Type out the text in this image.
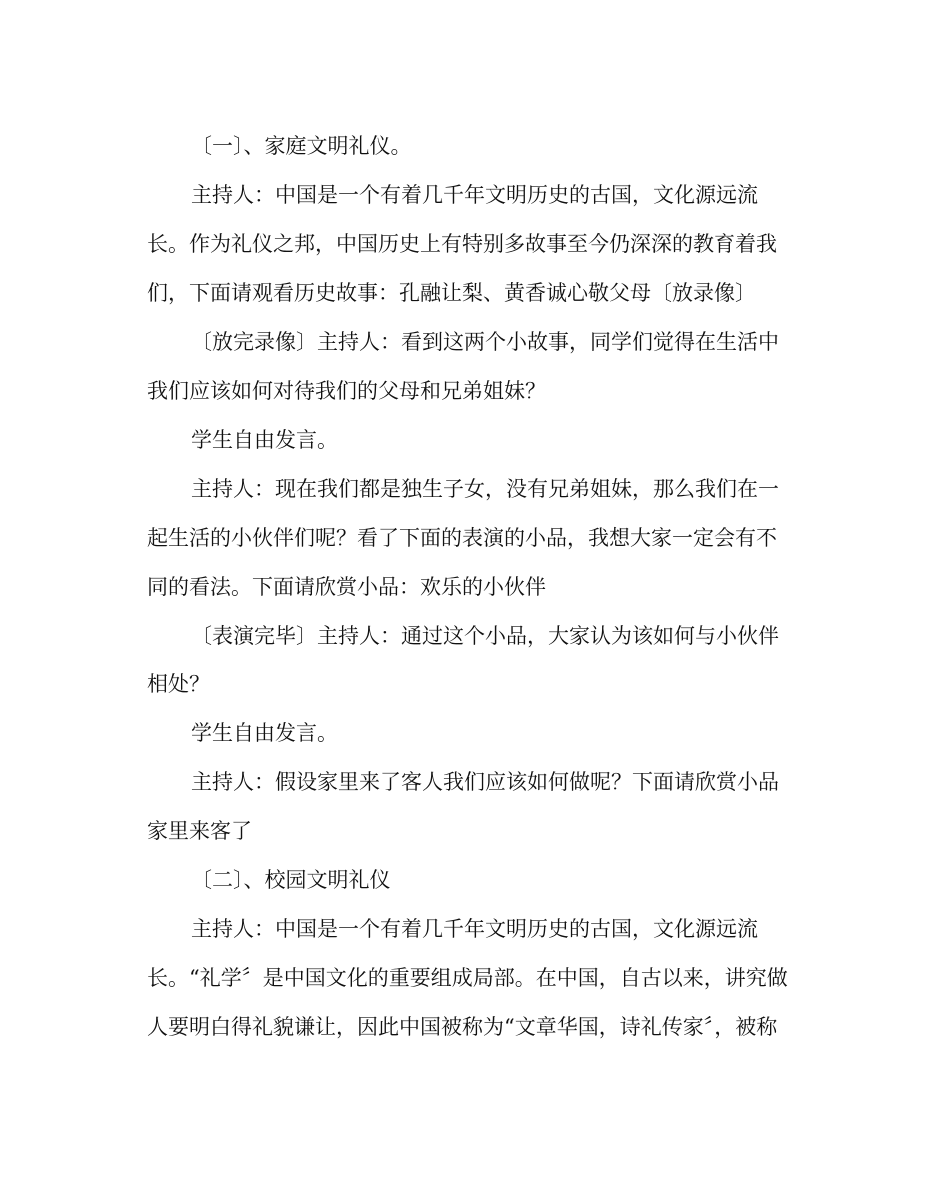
〔一〕、家庭文明礼仪。
主持人：中国是一个有着几千年文明历史的古国，文化源远流
长。作为礼仪之邦，中国历史上有特别多故事至今仍深深的教育着我
们，下面请观看历史故事：孔融让梨、黄香诚心敬父母〔放录像〕
〔放完录像〕主持人：看到这两个小故事，同学们觉得在生活中
我们应该如何对待我们的父母和兄弟姐妹？
学生自由发言。
主持人：现在我们都是独生子女，没有兄弟姐妹，那么我们在一
起生活的小伙伴们呢？看了下面的表演的小品，我想大家一定会有不
同的看法。下面请欣赏小品：欢乐的小伙伴
〔表演完毕〕主持人：通过这个小品，大家认为该如何与小伙伴
相处？
学生自由发言。
主持人：假设家里来了客人我们应该如何做呢？下面请欣赏小品
家里来客了
〔二〕、校园文明礼仪
主持人：中国是一个有着几千年文明历史的古国，文化源远流
长。“礼学〞是中国文化的重要组成局部。在中国，自古以来，讲究做
人要明白得礼貌谦让，因此中国被称为“文章华国，诗礼传家〞，被称
